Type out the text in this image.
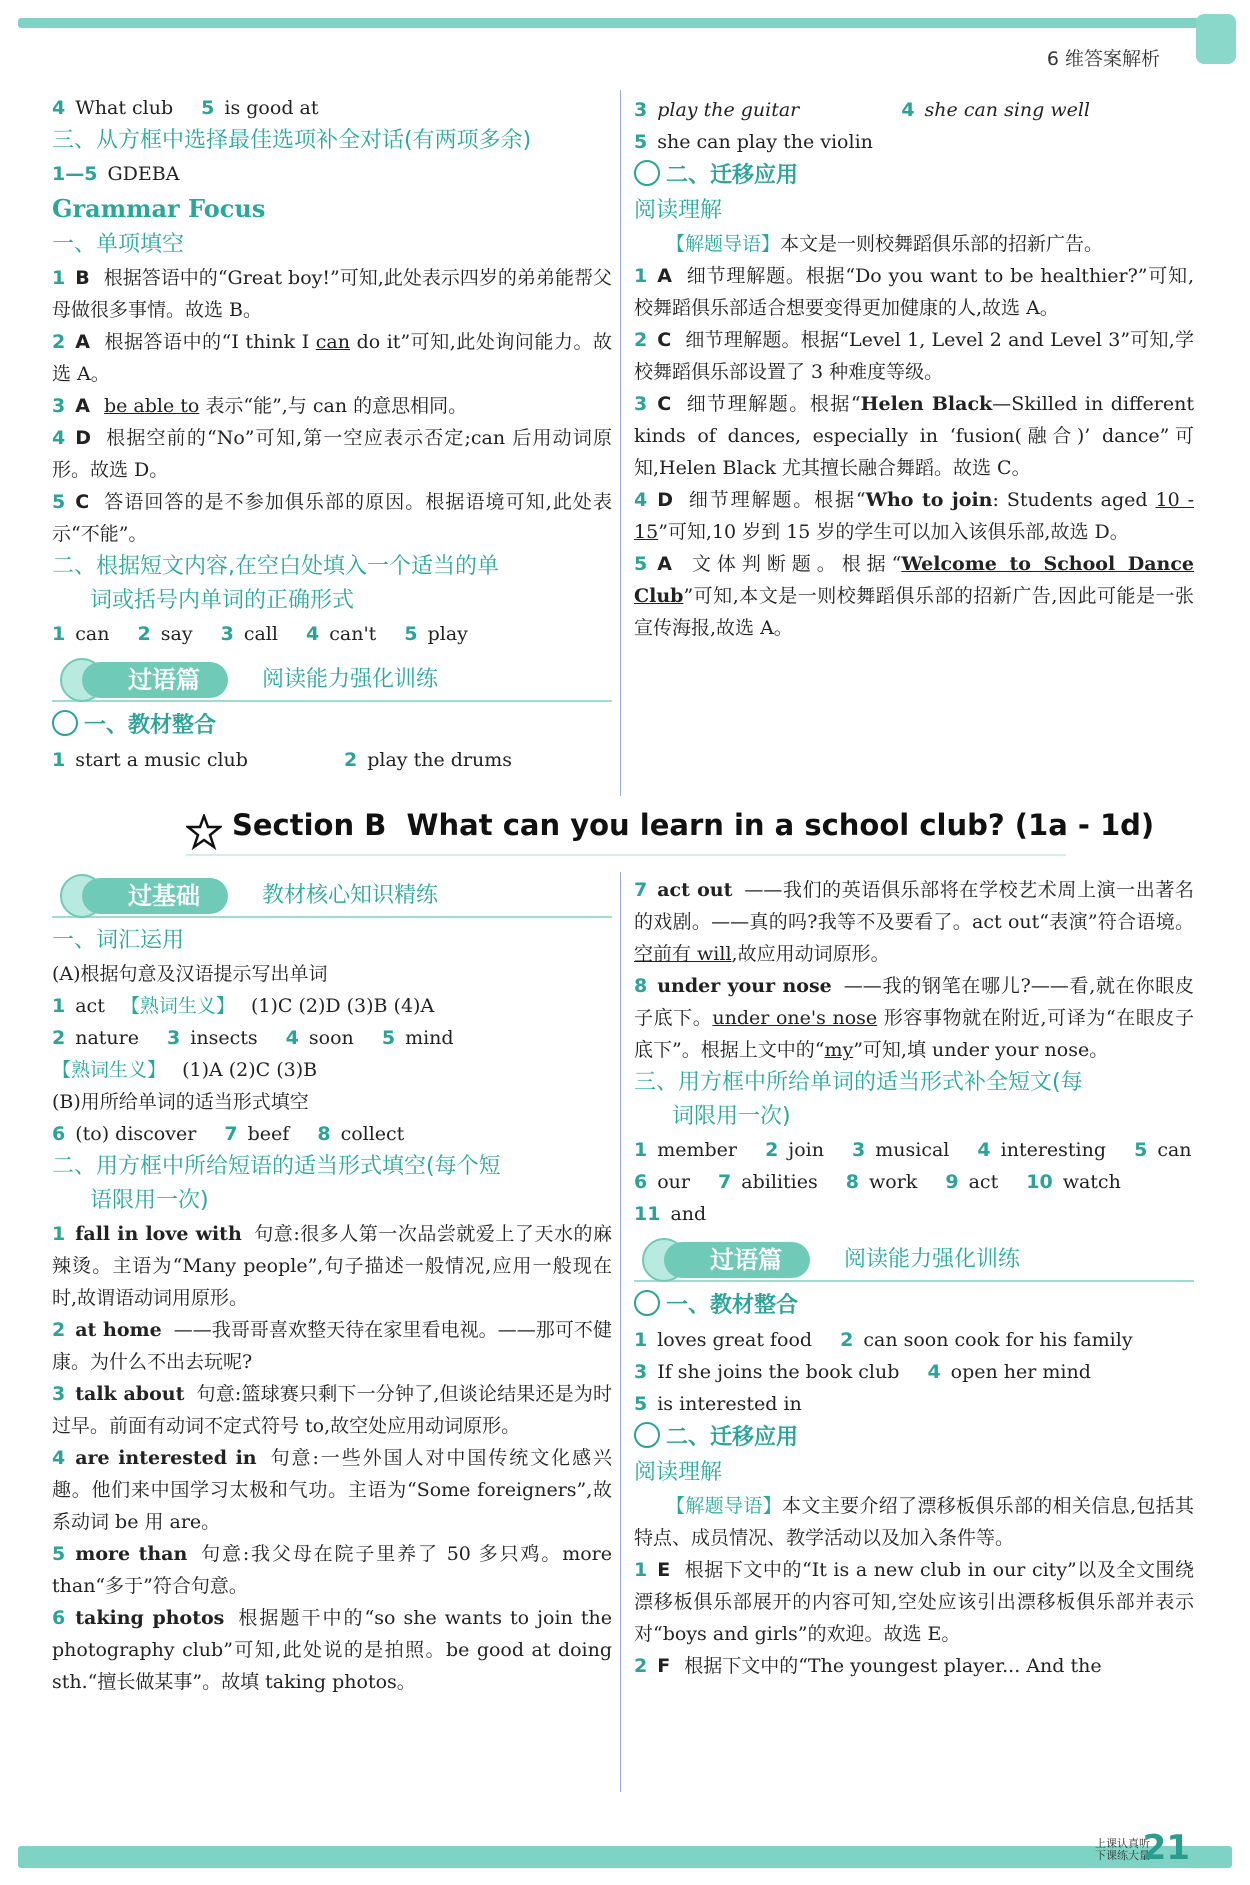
6 维答案解析
4 What club 5 is good at
三、从方框中选择最佳选项补全对话(有两项多余)
1—5 GDEBA
Grammar Focus
一、单项填空
1 B 根据答语中的“Great boy!”可知,此处表示四岁的弟弟能帮父母做很多事情。故选 B。
2 A 根据答语中的“I think I can do it”可知,此处询问能力。故选 A。
3 A be able to 表示“能”,与 can 的意思相同。
4 D 根据空前的“No”可知,第一空应表示否定;can 后用动词原形。故选 D。
5 C 答语回答的是不参加俱乐部的原因。根据语境可知,此处表示“不能”。
二、根据短文内容,在空白处填入一个适当的单
词或括号内单词的正确形式
1 can 2 say 3 call 4 can't 5 play
过语篇	阅读能力强化训练
一、教材整合
1 start a music club	2 play the drums
3 play the guitar	4 she can sing well
5 she can play the violin
二、迁移应用
阅读理解
【解题导语】本文是一则校舞蹈俱乐部的招新广告。
1 A 细节理解题。根据“Do you want to be healthier?”可知,校舞蹈俱乐部适合想要变得更加健康的人,故选 A。
2 C 细节理解题。根据“Level 1, Level 2 and Level 3”可知,学校舞蹈俱乐部设置了 3 种难度等级。
3 C 细节理解题。根据“Helen Black—Skilled in different kinds of dances, especially in ‘fusion(融合)’ dance”可知,Helen Black 尤其擅长融合舞蹈。故选 C。
4 D 细节理解题。根据“Who to join: Students aged 10 - 15”可知,10 岁到 15 岁的学生可以加入该俱乐部,故选 D。
5 A 文体判断题。根据“Welcome to School Dance Club”可知,本文是一则校舞蹈俱乐部的招新广告,因此可能是一张宣传海报,故选 A。
Section B What can you learn in a school club? (1a - 1d)
过基础	教材核心知识精练
一、词汇运用
(A)根据句意及汉语提示写出单词
1 act 【熟词生义】 (1)C (2)D (3)B (4)A
2 nature 3 insects 4 soon 5 mind
【熟词生义】 (1)A (2)C (3)B
(B)用所给单词的适当形式填空
6 (to) discover 7 beef 8 collect
二、用方框中所给短语的适当形式填空(每个短
语限用一次)
1 fall in love with 句意:很多人第一次品尝就爱上了天水的麻辣烫。主语为“Many people”,句子描述一般情况,应用一般现在时,故谓语动词用原形。
2 at home ——我哥哥喜欢整天待在家里看电视。——那可不健康。为什么不出去玩呢?
3 talk about 句意:篮球赛只剩下一分钟了,但谈论结果还是为时过早。前面有动词不定式符号 to,故空处应用动词原形。
4 are interested in 句意:一些外国人对中国传统文化感兴趣。他们来中国学习太极和气功。主语为“Some foreigners”,故系动词 be 用 are。
5 more than 句意:我父母在院子里养了 50 多只鸡。more than“多于”符合句意。
6 taking photos 根据题干中的“so she wants to join the photography club”可知,此处说的是拍照。be good at doing sth.“擅长做某事”。故填 taking photos。
7 act out ——我们的英语俱乐部将在学校艺术周上演一出著名的戏剧。——真的吗?我等不及要看了。act out“表演”符合语境。空前有 will,故应用动词原形。
8 under your nose ——我的钢笔在哪儿?——看,就在你眼皮子底下。under one's nose 形容事物就在附近,可译为“在眼皮子底下”。根据上文中的“my”可知,填 under your nose。
三、用方框中所给单词的适当形式补全短文(每
词限用一次)
1 member 2 join 3 musical 4 interesting 5 can
6 our 7 abilities 8 work 9 act 10 watch
11 and
过语篇	阅读能力强化训练
一、教材整合
1 loves great food 2 can soon cook for his family
3 If she joins the book club 4 open her mind
5 is interested in
二、迁移应用
阅读理解
【解题导语】本文主要介绍了漂移板俱乐部的相关信息,包括其特点、成员情况、教学活动以及加入条件等。
1 E 根据下文中的“It is a new club in our city”以及全文围绕漂移板俱乐部展开的内容可知,空处应该引出漂移板俱乐部并表示对“boys and girls”的欢迎。故选 E。
2 F 根据下文中的“The youngest player... And the
上课认真听
下课练大量
21
